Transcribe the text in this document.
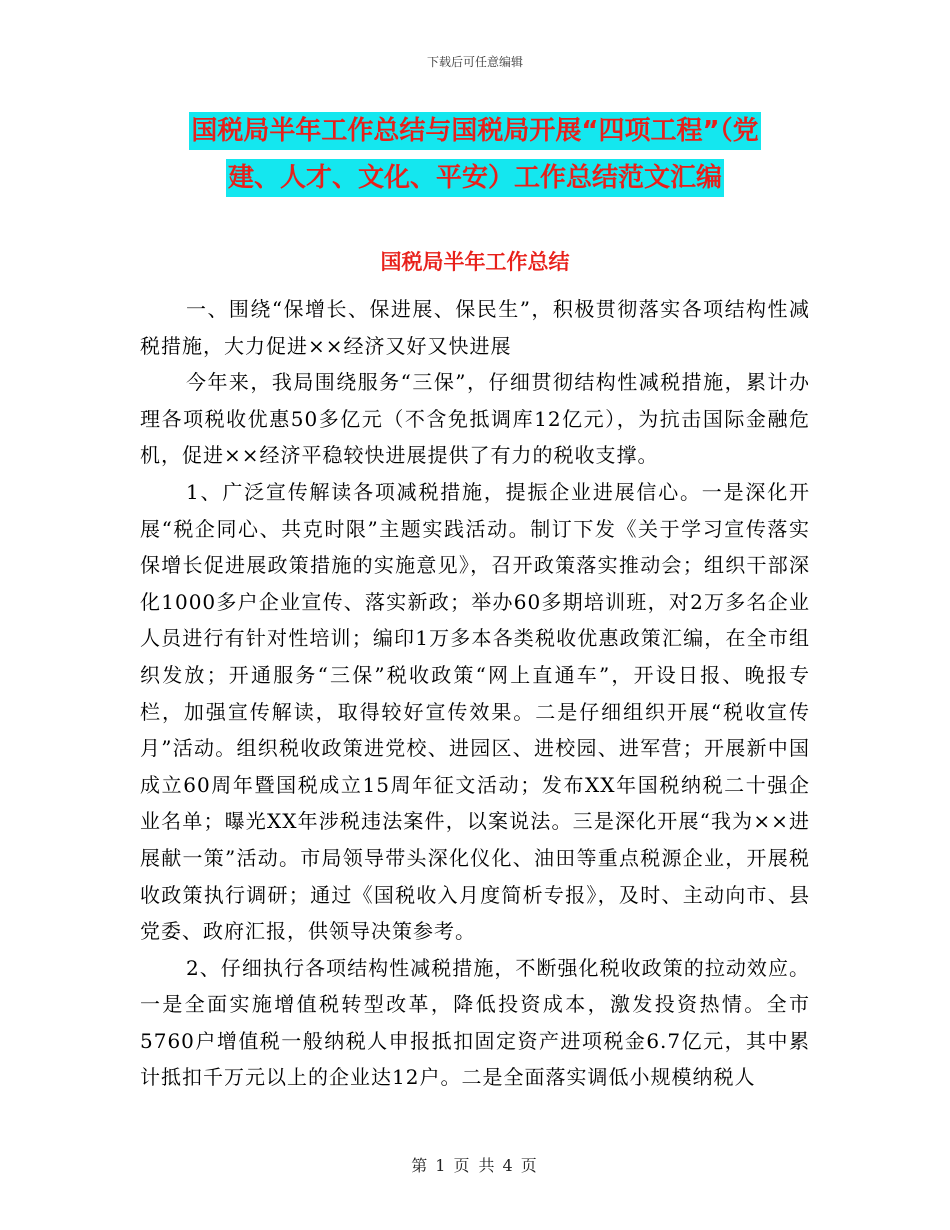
下载后可任意编辑
国税局半年工作总结与国税局开展“四项工程”（党
建、人才、文化、平安）工作总结范文汇编
国税局半年工作总结

一、围绕“保增长、保进展、保民生”，积极贯彻落实各项结构性减税措施，大力促进××经济又好又快进展

今年来，我局围绕服务“三保”，仔细贯彻结构性减税措施，累计办理各项税收优惠50多亿元（不含免抵调库12亿元），为抗击国际金融危机，促进××经济平稳较快进展提供了有力的税收支撑。

1、广泛宣传解读各项减税措施，提振企业进展信心。一是深化开展“税企同心、共克时限”主题实践活动。制订下发《关于学习宣传落实保增长促进展政策措施的实施意见》，召开政策落实推动会；组织干部深化1000多户企业宣传、落实新政；举办60多期培训班，对2万多名企业人员进行有针对性培训；编印1万多本各类税收优惠政策汇编，在全市组织发放；开通服务“三保”税收政策“网上直通车”，开设日报、晚报专栏，加强宣传解读，取得较好宣传效果。二是仔细组织开展“税收宣传月”活动。组织税收政策进党校、进园区、进校园、进军营；开展新中国成立60周年暨国税成立15周年征文活动；发布XX年国税纳税二十强企业名单；曝光XX年涉税违法案件，以案说法。三是深化开展“我为××进展献一策”活动。市局领导带头深化仪化、油田等重点税源企业，开展税收政策执行调研；通过《国税收入月度简析专报》，及时、主动向市、县党委、政府汇报，供领导决策参考。

2、仔细执行各项结构性减税措施，不断强化税收政策的拉动效应。一是全面实施增值税转型改革，降低投资成本，激发投资热情。全市5760户增值税一般纳税人申报抵扣固定资产进项税金6.7亿元，其中累计抵扣千万元以上的企业达12户。二是全面落实调低小规模纳税人

第 1 页 共 4 页
